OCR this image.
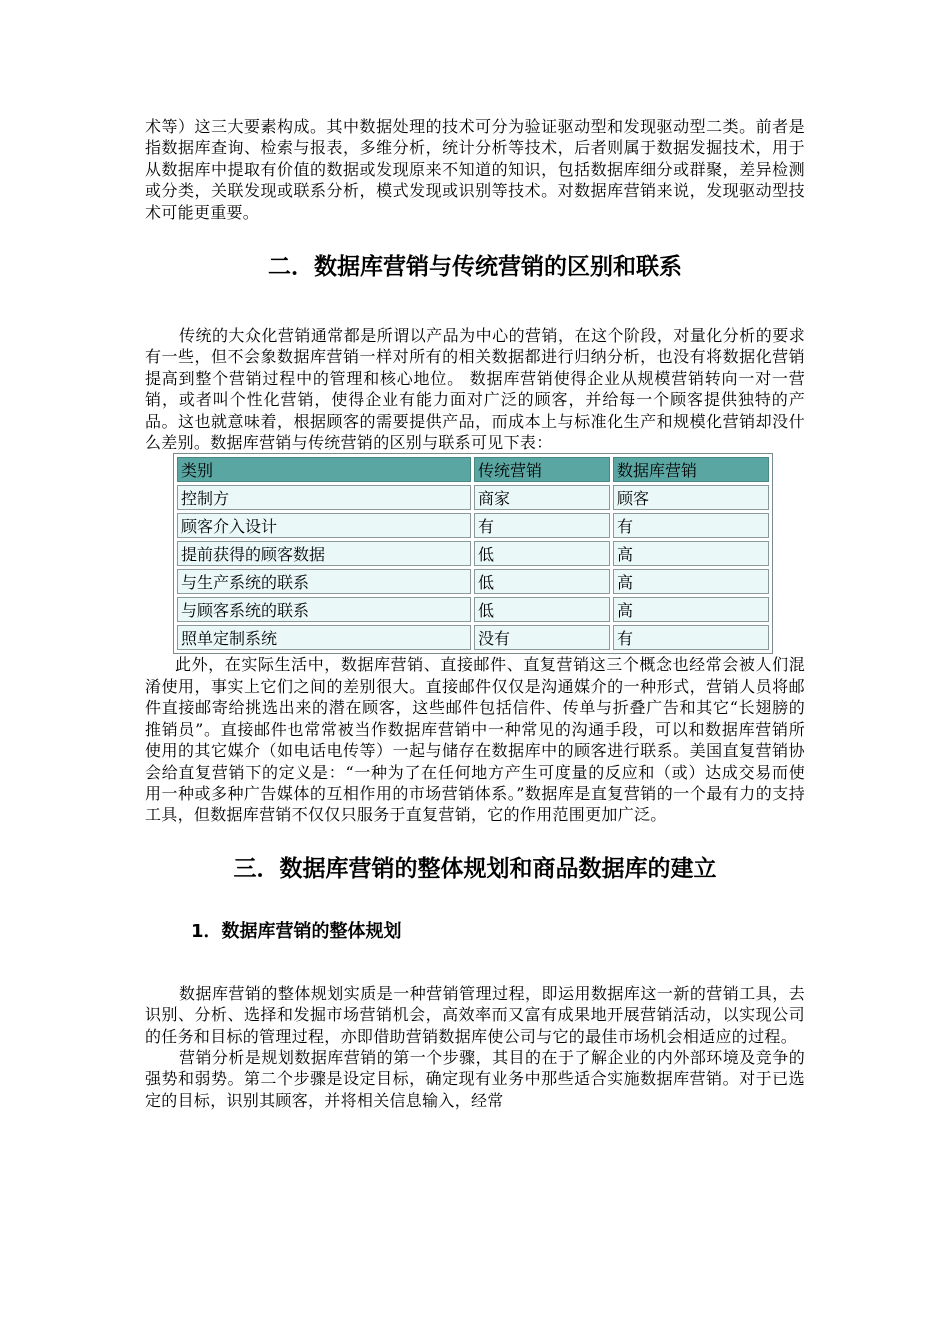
术等）这三大要素构成。其中数据处理的技术可分为验证驱动型和发现驱动型二类。前者是指数据库查询、检索与报表，多维分析，统计分析等技术，后者则属于数据发掘技术，用于从数据库中提取有价值的数据或发现原来不知道的知识，包括数据库细分或群聚，差异检测或分类，关联发现或联系分析，模式发现或识别等技术。对数据库营销来说，发现驱动型技术可能更重要。

二．数据库营销与传统营销的区别和联系

传统的大众化营销通常都是所谓以产品为中心的营销，在这个阶段，对量化分析的要求有一些，但不会象数据库营销一样对所有的相关数据都进行归纳分析，也没有将数据化营销提高到整个营销过程中的管理和核心地位。 数据库营销使得企业从规模营销转向一对一营销，或者叫个性化营销，使得企业有能力面对广泛的顾客，并给每一个顾客提供独特的产品。这也就意味着，根据顾客的需要提供产品，而成本上与标准化生产和规模化营销却没什么差别。数据库营销与传统营销的区别与联系可见下表：

类别	传统营销	数据库营销
控制方	商家	顾客
顾客介入设计	有	有
提前获得的顾客数据	低	高
与生产系统的联系	低	高
与顾客系统的联系	低	高
照单定制系统	没有	有

此外，在实际生活中，数据库营销、直接邮件、直复营销这三个概念也经常会被人们混淆使用，事实上它们之间的差别很大。直接邮件仅仅是沟通媒介的一种形式，营销人员将邮件直接邮寄给挑选出来的潜在顾客，这些邮件包括信件、传单与折叠广告和其它“长翅膀的推销员”。直接邮件也常常被当作数据库营销中一种常见的沟通手段，可以和数据库营销所使用的其它媒介（如电话电传等）一起与储存在数据库中的顾客进行联系。美国直复营销协会给直复营销下的定义是：“一种为了在任何地方产生可度量的反应和（或）达成交易而使用一种或多种广告媒体的互相作用的市场营销体系。”数据库是直复营销的一个最有力的支持工具，但数据库营销不仅仅只服务于直复营销，它的作用范围更加广泛。

三．数据库营销的整体规划和商品数据库的建立
1．数据库营销的整体规划

数据库营销的整体规划实质是一种营销管理过程，即运用数据库这一新的营销工具，去识别、分析、选择和发掘市场营销机会，高效率而又富有成果地开展营销活动，以实现公司的任务和目标的管理过程，亦即借助营销数据库使公司与它的最佳市场机会相适应的过程。

营销分析是规划数据库营销的第一个步骤，其目的在于了解企业的内外部环境及竞争的强势和弱势。第二个步骤是设定目标，确定现有业务中那些适合实施数据库营销。对于已选定的目标，识别其顾客，并将相关信息输入，经常
